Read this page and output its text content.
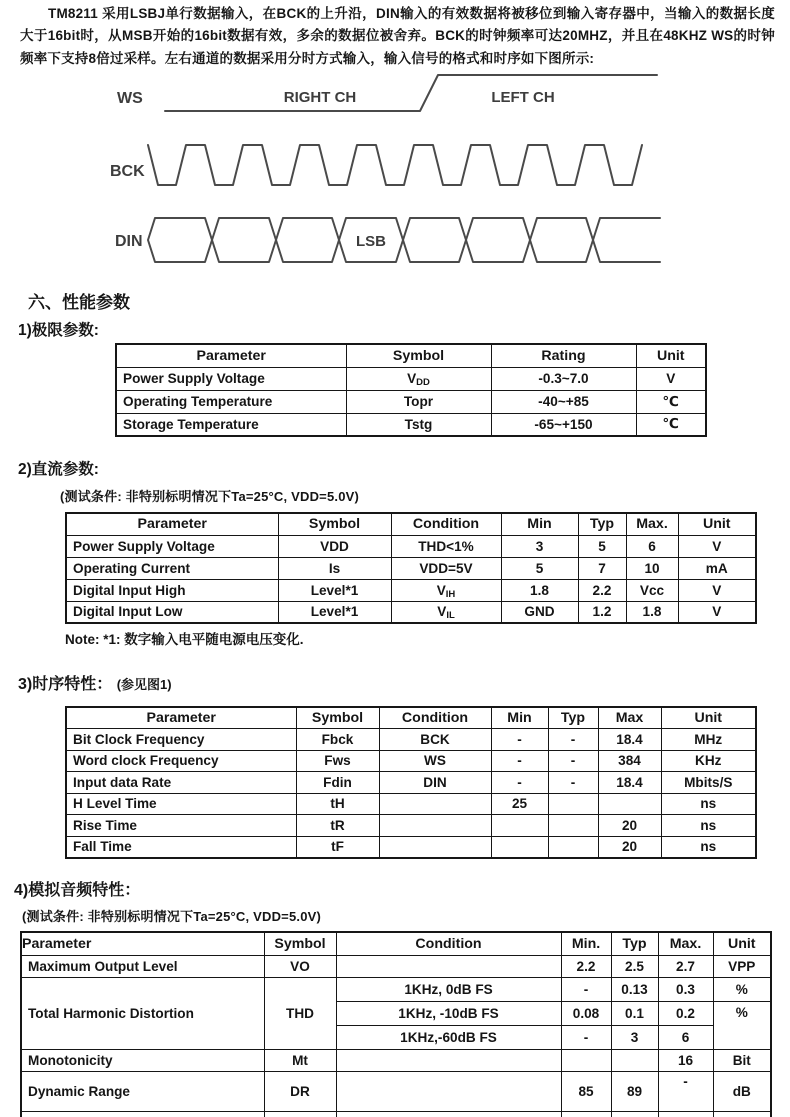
TM8211 采用LSBJ单行数据输入，在BCK的上升沿，DIN输入的有效数据将被移位到输入寄存器中，当输入的数据长度大于16bit时，从MSB开始的16bit数据有效，多余的数据位被舍弃。BCK的时钟频率可达20MHZ，并且在48KHZ WS的时钟频率下支持8倍过采样。左右通道的数据采用分时方式输入，输入信号的格式和时序如下图所示:

WS	RIGHT CH	LEFT CH
BCK
DIN	LSB
六、性能参数
1)极限参数:
Parameter	Symbol	Rating	Unit
Power Supply Voltage	$V_{DD}$	-0.3~7.0	V
Operating Temperature	Topr	-40~+85	℃
Storage Temperature	Tstg	-65~+150	℃
2)直流参数:
(测试条件: 非特别标明情况下Ta=25°C, VDD=5.0V)
Parameter	Symbol	Condition	Min	Typ	Max.	Unit
Power Supply Voltage	VDD	THD<1%	3	5	6	V
Operating Current	Is	VDD=5V	5	7	10	mA
Digital Input High	Level*1	$V_{IH}$	1.8	2.2	Vcc	V
Digital Input Low	Level*1	$V_{IL}$	GND	1.2	1.8	V
Note: *1: 数字输入电平随电源电压变化.
3)时序特性： (参见图1)
Parameter	Symbol	Condition	Min	Typ	Max	Unit
Bit Clock Frequency	Fbck	BCK	-	-	18.4	MHz
Word clock Frequency	Fws	WS	-	-	384	KHz
Input data Rate	Fdin	DIN	-	-	18.4	Mbits/S
H Level Time	tH		25			ns
Rise Time	tR				20	ns
Fall Time	tF				20	ns
4)模拟音频特性：
(测试条件: 非特别标明情况下Ta=25°C, VDD=5.0V)
Parameter	Symbol	Condition	Min.	Typ	Max.	Unit
Maximum Output Level	VO		2.2	2.5	2.7	VPP
Total Harmonic Distortion	THD	1KHz, 0dB FS	-	0.13	0.3	%
		1KHz, -10dB FS	0.08	0.1	0.2	%
		1KHz,-60dB FS	-	3	6	
Monotonicity	Mt				16	Bit
Dynamic Range	DR		85	89	-	dB
